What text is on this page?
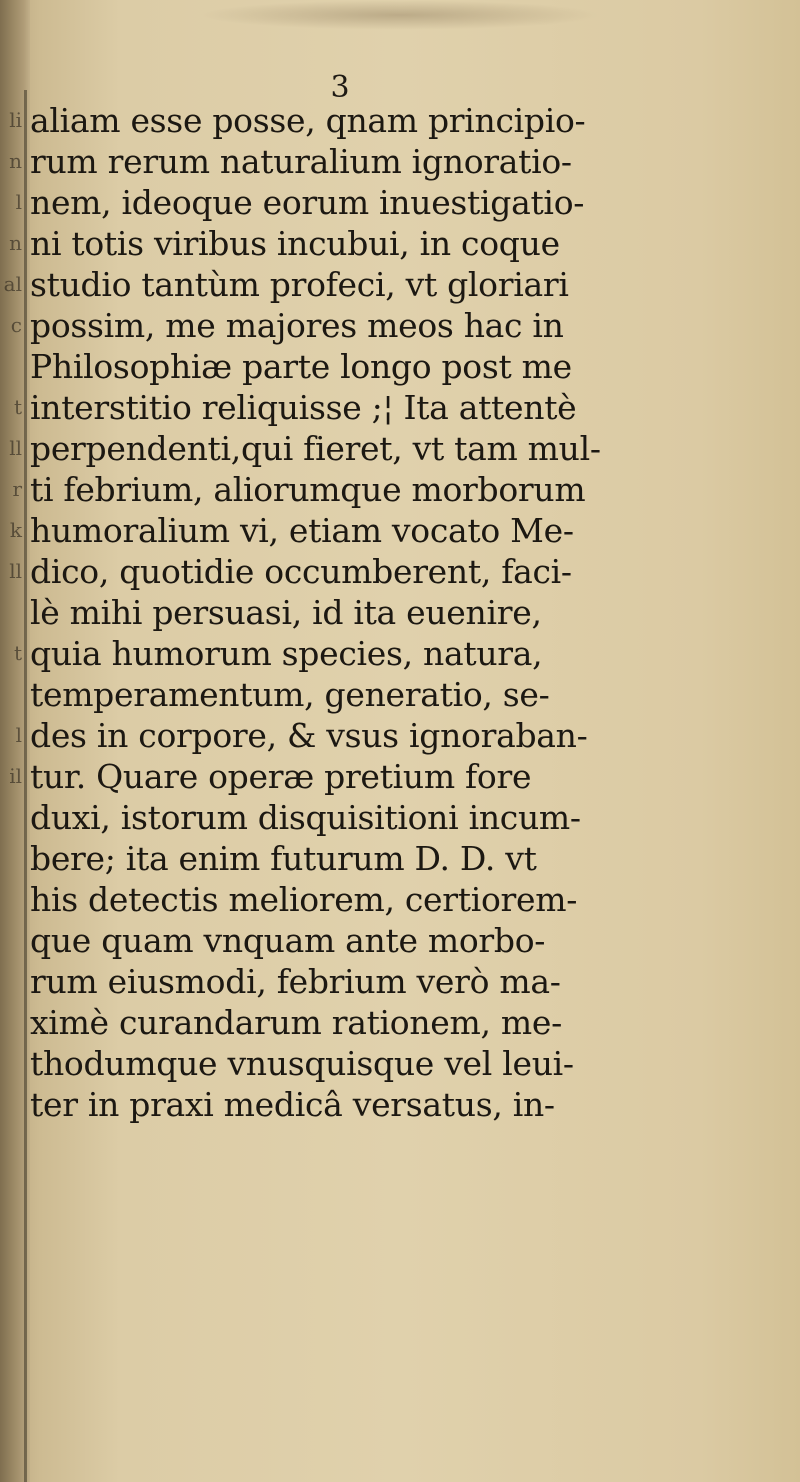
3
li
n
l
n
al
c
t
ll
r
k
ll
t
l
il
aliam esse posse, qnam principio-
rum rerum naturalium ignoratio-
nem, ideoque eorum inuestigatio-
ni totis viribus incubui, in coque
studio tantùm profeci, vt gloriari
possim, me majores meos hac in
Philosophiæ parte longo post me
interstitio reliquisse ;¦ Ita attentè
perpendenti,qui fieret, vt tam mul-
ti febrium, aliorumque morborum
humoralium vi, etiam vocato Me-
dico, quotidie occumberent, faci-
lè mihi persuasi, id ita euenire,
quia humorum species, natura,
temperamentum, generatio, se-
des in corpore, & vsus ignoraban-
tur. Quare operæ pretium fore
duxi, istorum disquisitioni incum-
bere; ita enim futurum D. D. vt
his detectis meliorem, certiorem-
que quam vnquam ante morbo-
rum eiusmodi, febrium verò ma-
ximè curandarum rationem, me-
thodumque vnusquisque vel leui-
ter in praxi medicâ versatus, in-
